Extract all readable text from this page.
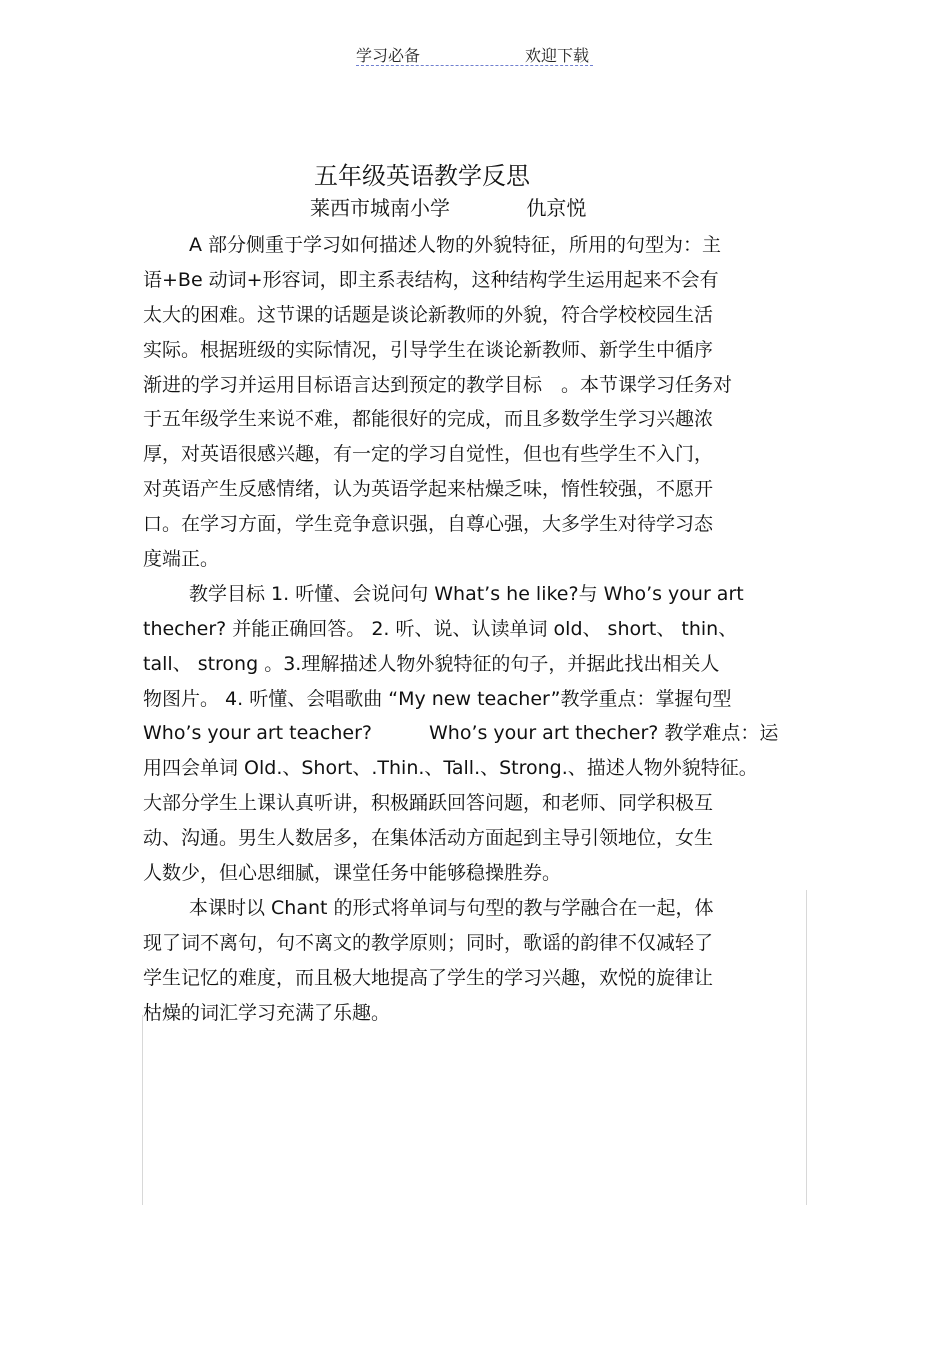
学习必备	欢迎下载
五年级英语教学反思
莱西市城南小学	仇京悦
A 部分侧重于学习如何描述人物的外貌特征，所用的句型为：主
语+Be 动词+形容词，即主系表结构，这种结构学生运用起来不会有
太大的困难。这节课的话题是谈论新教师的外貌，符合学校校园生活
实际。根据班级的实际情况，引导学生在谈论新教师、新学生中循序
渐进的学习并运用目标语言达到预定的教学目标　。本节课学习任务对
于五年级学生来说不难，都能很好的完成，而且多数学生学习兴趣浓
厚，对英语很感兴趣，有一定的学习自觉性，但也有些学生不入门，
对英语产生反感情绪，认为英语学起来枯燥乏味，惰性较强，不愿开
口。在学习方面，学生竞争意识强，自尊心强，大多学生对待学习态
度端正。
教学目标 1. 听懂、会说问句 What’s he like?与 Who’s your art
thecher? 并能正确回答。 2. 听、说、认读单词 old、 short、 thin、
tall、 strong 。3.理解描述人物外貌特征的句子，并据此找出相关人
物图片。 4. 听懂、会唱歌曲 “My new teacher”教学重点：掌握句型
Who’s your art teacher?　　　Who’s your art thecher? 教学难点：运
用四会单词 Old.、Short、.Thin.、Tall.、Strong.、描述人物外貌特征。
大部分学生上课认真听讲，积极踊跃回答问题，和老师、同学积极互
动、沟通。男生人数居多，在集体活动方面起到主导引领地位，女生
人数少，但心思细腻，课堂任务中能够稳操胜券。
本课时以 Chant 的形式将单词与句型的教与学融合在一起，体
现了词不离句，句不离文的教学原则；同时，歌谣的韵律不仅减轻了
学生记忆的难度，而且极大地提高了学生的学习兴趣，欢悦的旋律让
枯燥的词汇学习充满了乐趣。
